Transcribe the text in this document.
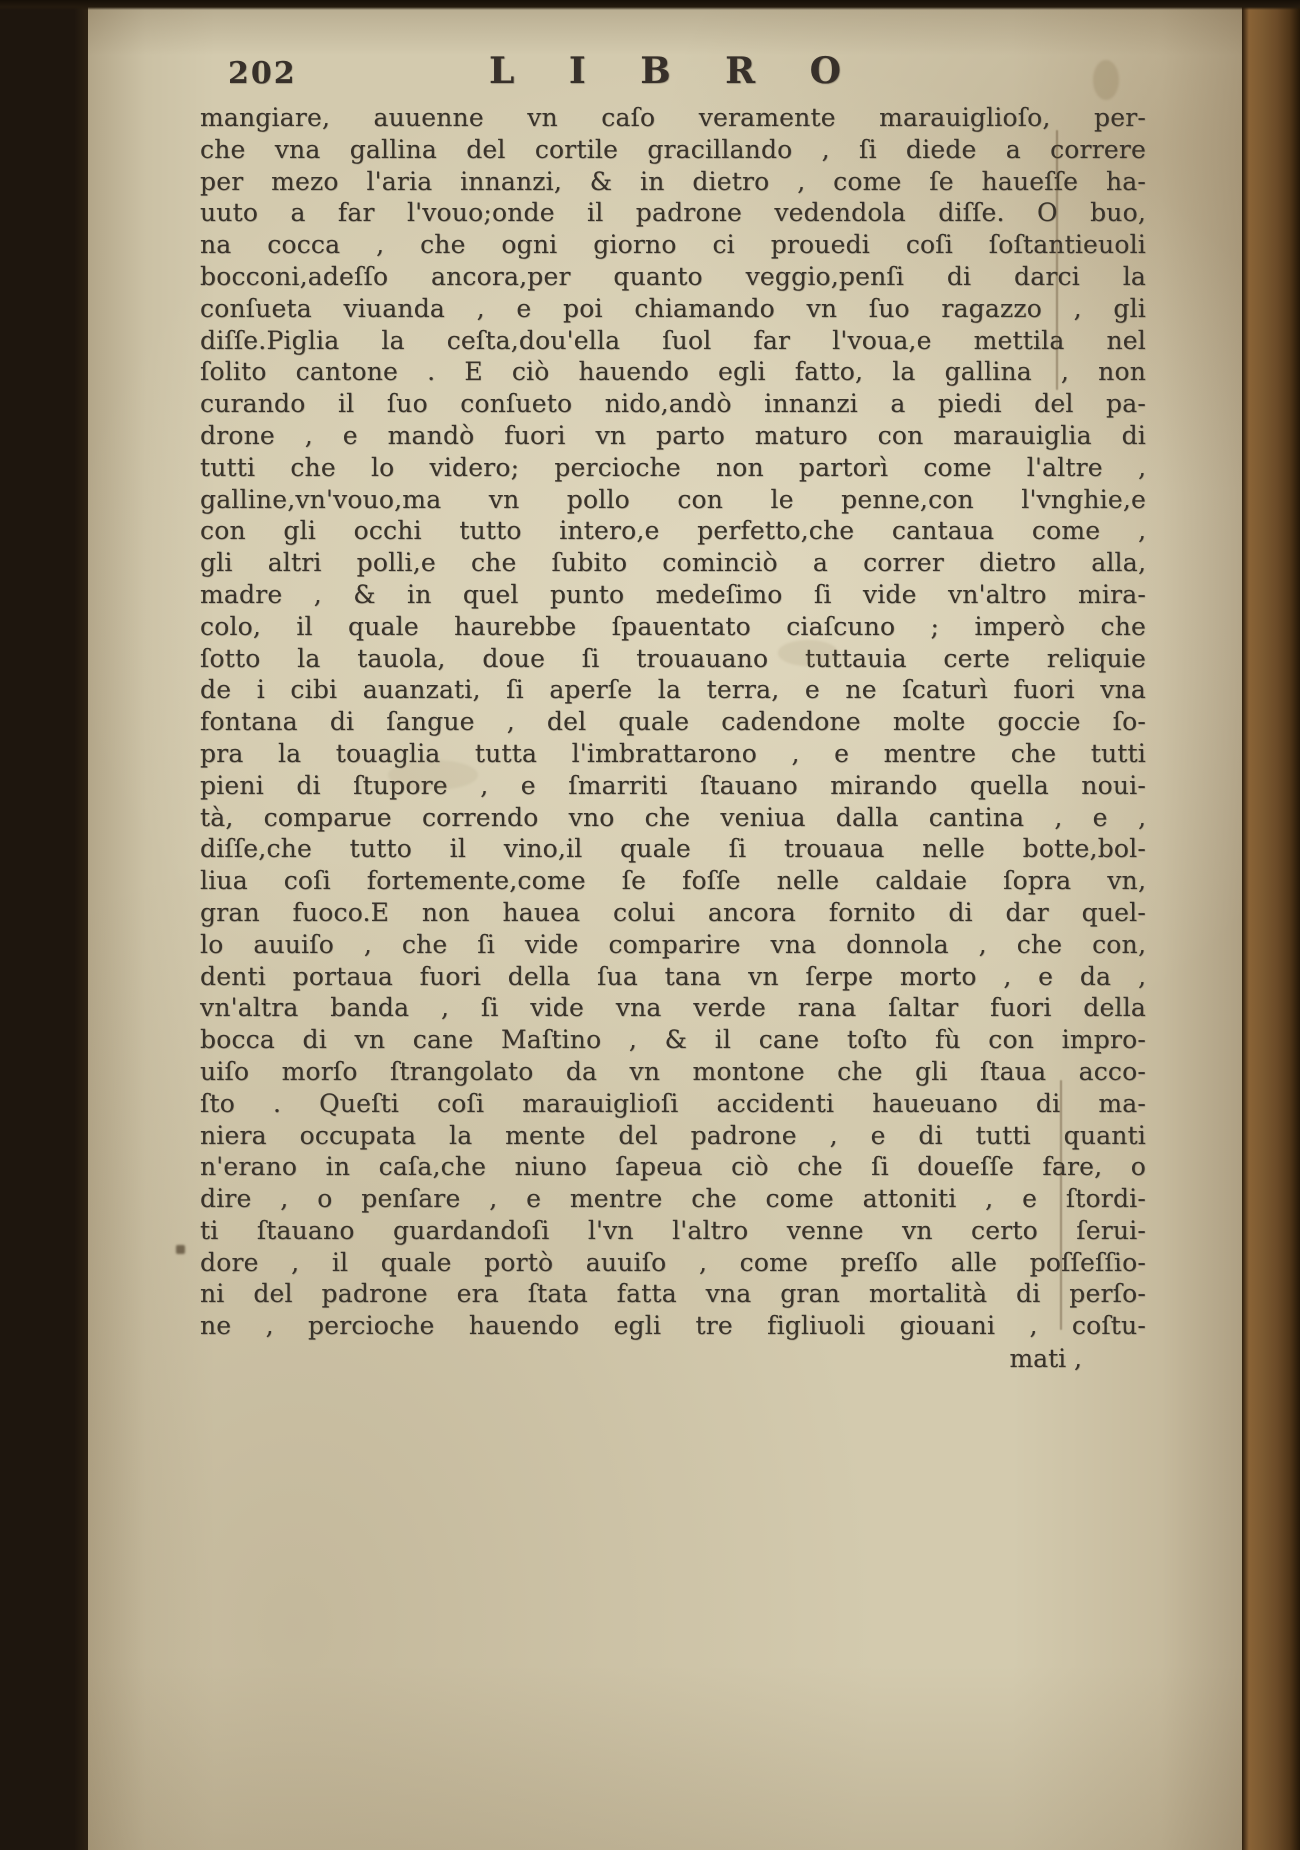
202	L I B R O
mangiare, auuenne vn caſo veramente marauiglioſo, per-
che vna gallina del cortile gracillando , ſi diede a correre
per mezo l'aria innanzi, & in dietro , come ſe haueſſe ha-
uuto a far l'vouo;onde il padrone vedendola diſſe. O buo,
na cocca , che ogni giorno ci prouedi coſi ſoſtantieuoli
bocconi,adeſſo ancora,per quanto veggio,penſi di darci la
conſueta viuanda , e poi chiamando vn ſuo ragazzo , gli
diſſe.Piglia la ceſta,dou'ella ſuol far l'voua,e mettila nel
ſolito cantone . E ciò hauendo egli fatto, la gallina , non
curando il ſuo conſueto nido,andò innanzi a piedi del pa-
drone , e mandò fuori vn parto maturo con marauiglia di
tutti che lo videro; percioche non partorì come l'altre ‚
galline,vn'vouo,ma vn pollo con le penne,con l'vnghie,e
con gli occhi tutto intero,e perfetto,che cantaua come ‚
gli altri polli,e che ſubito cominciò a correr dietro alla‚
madre , & in quel punto medeſimo ſi vide vn'altro mira-
colo, il quale haurebbe ſpauentato ciaſcuno ; imperò che
ſotto la tauola, doue ſi trouauano tuttauia certe reliquie
de i cibi auanzati, ſi aperſe la terra, e ne ſcaturì fuori vna
fontana di ſangue , del quale cadendone molte goccie ſo-
pra la touaglia tutta l'imbrattarono , e mentre che tutti
pieni di ſtupore , e ſmarriti ſtauano mirando quella noui-
tà, comparue correndo vno che veniua dalla cantina , e ‚
diſſe,che tutto il vino,il quale ſi trouaua nelle botte,bol-
liua coſi fortemente,come ſe foſſe nelle caldaie ſopra vn‚
gran fuoco.E non hauea colui ancora fornito di dar quel-
lo auuiſo , che ſi vide comparire vna donnola , che con‚
denti portaua fuori della ſua tana vn ſerpe morto , e da ‚
vn'altra banda , ſi vide vna verde rana ſaltar fuori della
bocca di vn cane Maſtino , & il cane toſto fù con impro-
uiſo morſo ſtrangolato da vn montone che gli ſtaua acco-
ſto . Queſti coſi marauiglioſi accidenti haueuano di ma-
niera occupata la mente del padrone , e di tutti quanti
n'erano in caſa,che niuno ſapeua ciò che ſi doueſſe fare, o
dire , o penſare , e mentre che come attoniti , e ſtordi-
ti ſtauano guardandoſi l'vn l'altro venne vn certo ſerui-
dore , il quale portò auuiſo , come preſſo alle poſſeſſio-
ni del padrone era ſtata fatta vna gran mortalità di perſo-
ne , percioche hauendo egli tre figliuoli giouani , coſtu-
mati ,
